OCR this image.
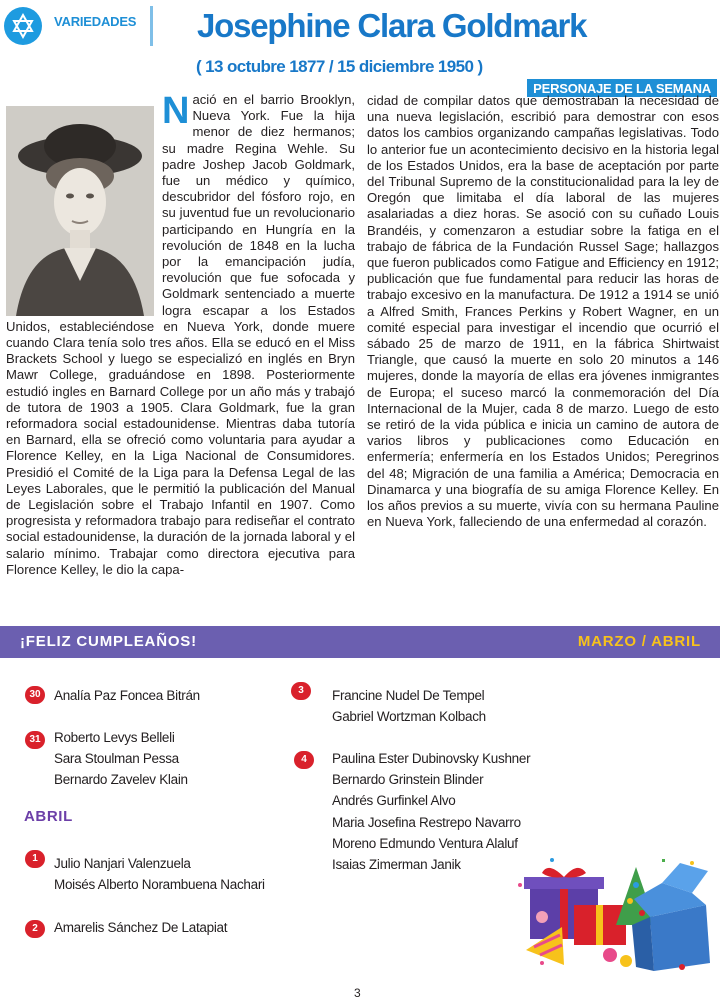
VARIEDADES Josephine Clara Goldmark
( 13 octubre 1877 / 15 diciembre 1950 )
PERSONAJE DE LA SEMANA
N ació en el barrio Brooklyn, Nueva York. Fue la hija menor de diez hermanos; su madre Regina Wehle. Su padre Joshep Jacob Goldmark, fue un médico y químico, descubridor del fósforo rojo, en su juventud fue un revolucionario participando en Hungría en la revolución de 1848 en la lucha por la emancipación judía, revolución que fue sofocada y Goldmark sentenciado a muerte logra escapar a los Estados Unidos, estableciéndose en Nueva York, donde muere cuando Clara tenía solo tres años. Ella se educó en el Miss Brackets School y luego se especializó en inglés en Bryn Mawr College, graduándose en 1898. Posteriormente estudió ingles en Barnard College por un año más y trabajó de tutora de 1903 a 1905. Clara Goldmark, fue la gran reformadora social estadounidense. Mientras daba tutoría en Barnard, ella se ofreció como voluntaria para ayudar a Florence Kelley, en la Liga Nacional de Consumidores. Presidió el Comité de la Liga para la Defensa Legal de las Leyes Laborales, que le permitió la publicación del Manual de Legislación sobre el Trabajo Infantil en 1907. Como progresista y reformadora trabajo para rediseñar el contrato social estadounidense, la duración de la jornada laboral y el salario mínimo. Trabajar como directora ejecutiva para Florence Kelley, le dio la capa-

cidad de compilar datos que demostraban la necesidad de una nueva legislación, escribió para demostrar con esos datos los cambios organizando campañas legislativas. Todo lo anterior fue un acontecimiento decisivo en la historia legal de los Estados Unidos, era la base de aceptación por parte del Tribunal Supremo de la constitucionalidad para la ley de Oregón que limitaba el día laboral de las mujeres asalariadas a diez horas. Se asoció con su cuñado Louis Brandéis, y comenzaron a estudiar sobre la fatiga en el trabajo de fábrica de la Fundación Russel Sage; hallazgos que fueron publicados como Fatigue and Efficiency en 1912; publicación que fue fundamental para reducir las horas de trabajo excesivo en la manufactura. De 1912 a 1914 se unió a Alfred Smith, Frances Perkins y Robert Wagner, en un comité especial para investigar el incendio que ocurrió el sábado 25 de marzo de 1911, en la fábrica Shirtwaist Triangle, que causó la muerte en solo 20 minutos a 146 mujeres, donde la mayoría de ellas era jóvenes inmigrantes de Europa; el suceso marcó la conmemoración del Día Internacional de la Mujer, cada 8 de marzo. Luego de esto se retiró de la vida pública e inicia un camino de autora de varios libros y publicaciones como Educación en enfermería; enfermería en los Estados Unidos; Peregrinos del 48; Migración de una familia a América; Democracia en Dinamarca y una biografía de su amiga Florence Kelley. En los años previos a su muerte, vivía con su hermana Pauline en Nueva York, falleciendo de una enfermedad al corazón.

¡FELIZ CUMPLEAÑOS!	MARZO / ABRIL
30 Analía Paz Foncea Bitrán
31 Roberto Levys Belleli
Sara Stoulman Pessa
Bernardo Zavelev Klain
ABRIL
1	Julio Nanjari Valenzuela
Moisés Alberto Norambuena Nachari
2	Amarelis Sánchez De Latapiat
3	Francine Nudel De Tempel
Gabriel Wortzman Kolbach
4	Paulina Ester Dubinovsky Kushner
Bernardo Grinstein Blinder
Andrés Gurfinkel Alvo
Maria Josefina Restrepo Navarro
Moreno Edmundo Ventura Alaluf
Isaias Zimerman Janik
3
